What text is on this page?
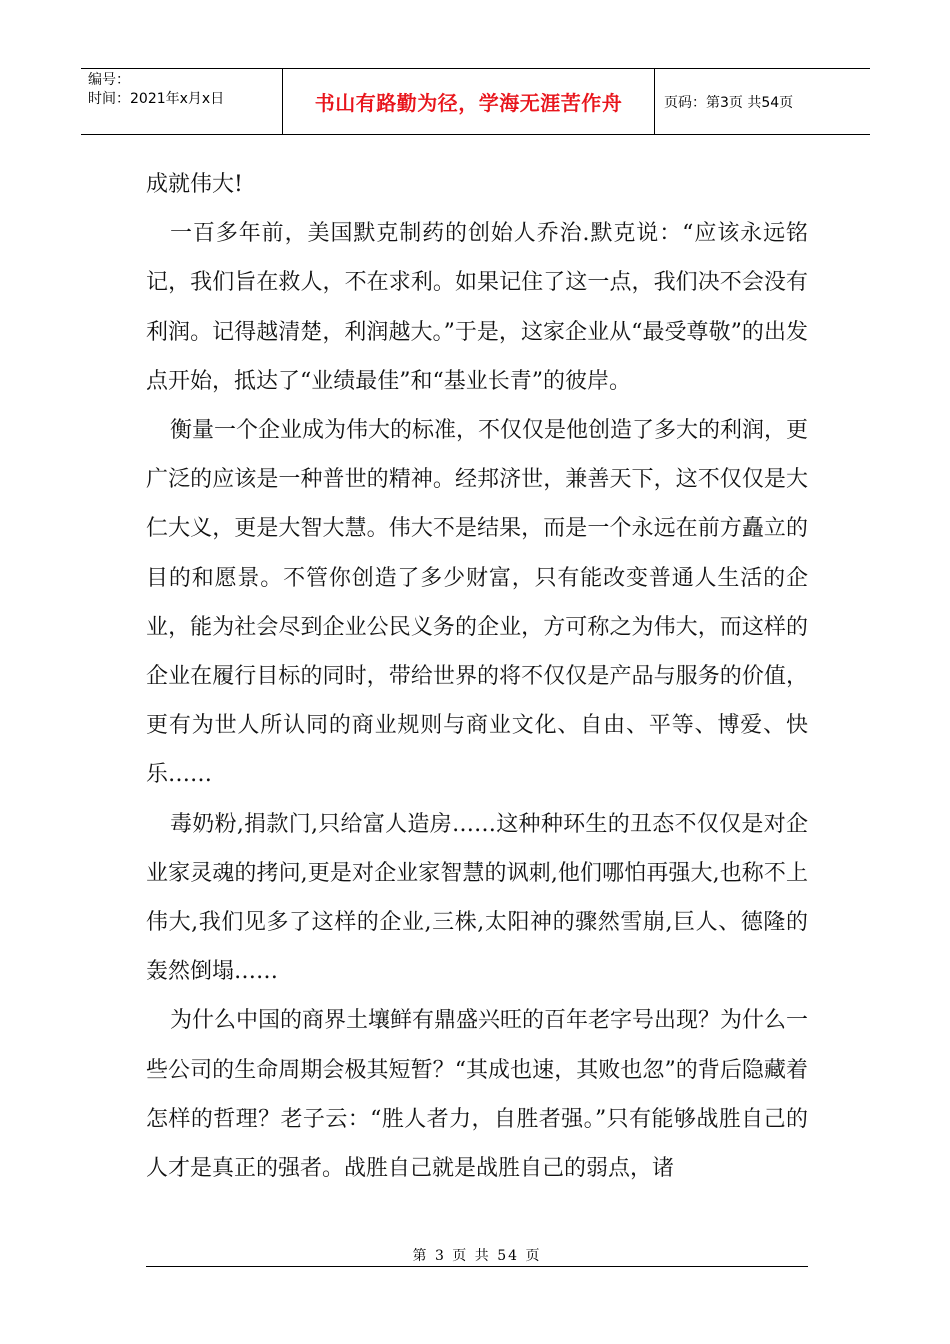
编号：
时间：2021年x月x日	书山有路勤为径，学海无涯苦作舟	页码：第3页 共54页

成就伟大!

一百多年前，美国默克制药的创始人乔治.默克说：“应该永远铭记，我们旨在救人，不在求利。如果记住了这一点，我们决不会没有利润。记得越清楚，利润越大。”于是，这家企业从“最受尊敬”的出发点开始，抵达了“业绩最佳”和“基业长青”的彼岸。

衡量一个企业成为伟大的标准，不仅仅是他创造了多大的利润，更广泛的应该是一种普世的精神。经邦济世，兼善天下，这不仅仅是大仁大义，更是大智大慧。伟大不是结果，而是一个永远在前方矗立的目的和愿景。不管你创造了多少财富，只有能改变普通人生活的企业，能为社会尽到企业公民义务的企业，方可称之为伟大，而这样的企业在履行目标的同时，带给世界的将不仅仅是产品与服务的价值，更有为世人所认同的商业规则与商业文化、自由、平等、博爱、快乐……

毒奶粉,捐款门,只给富人造房……这种种环生的丑态不仅仅是对企业家灵魂的拷问,更是对企业家智慧的讽刺,他们哪怕再强大,也称不上伟大,我们见多了这样的企业,三株,太阳神的骤然雪崩,巨人、德隆的轰然倒塌……

为什么中国的商界土壤鲜有鼎盛兴旺的百年老字号出现？为什么一些公司的生命周期会极其短暂？“其成也速，其败也忽”的背后隐藏着怎样的哲理？老子云：“胜人者力，自胜者强。”只有能够战胜自己的人才是真正的强者。战胜自己就是战胜自己的弱点，诸

第 3 页 共 54 页
